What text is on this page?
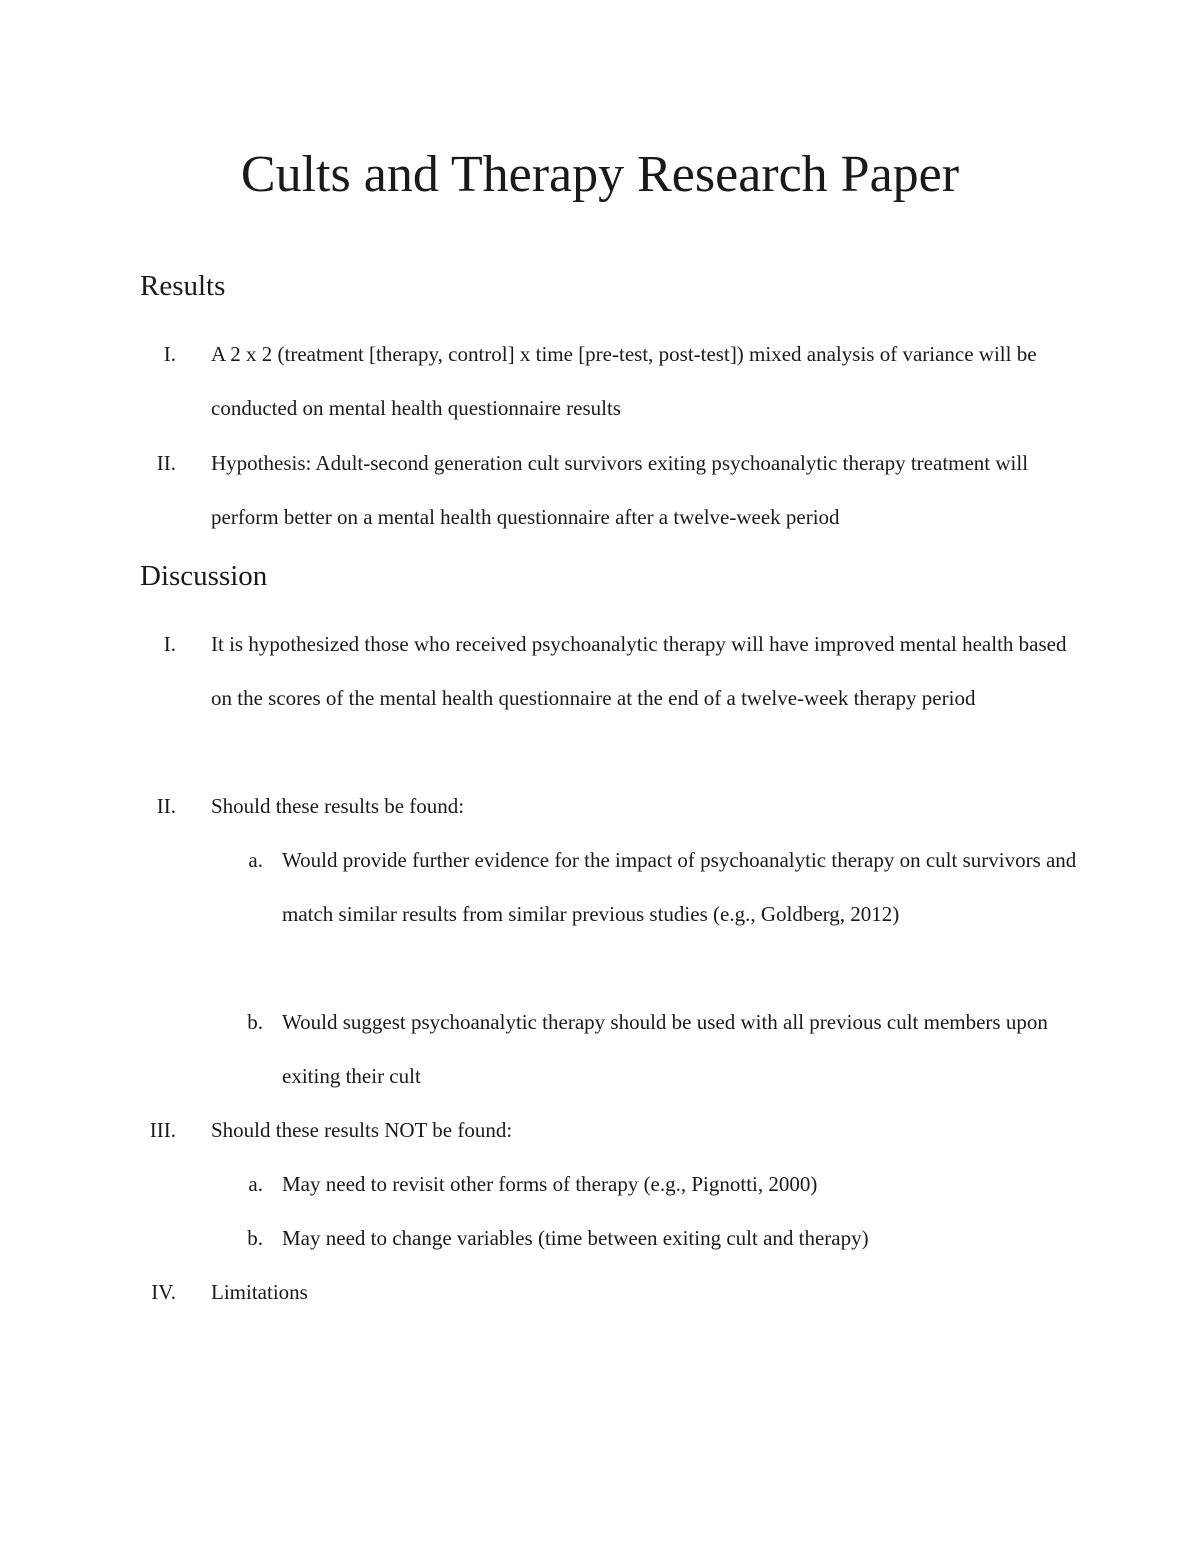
Cults and Therapy Research Paper
Results
I. A 2 x 2 (treatment [therapy, control] x time [pre-test, post-test]) mixed analysis of variance will be conducted on mental health questionnaire results
II. Hypothesis: Adult-second generation cult survivors exiting psychoanalytic therapy treatment will perform better on a mental health questionnaire after a twelve-week period
Discussion
I. It is hypothesized those who received psychoanalytic therapy will have improved mental health based on the scores of the mental health questionnaire at the end of a twelve-week therapy period
II. Should these results be found:
a. Would provide further evidence for the impact of psychoanalytic therapy on cult survivors and match similar results from similar previous studies (e.g., Goldberg, 2012)
b. Would suggest psychoanalytic therapy should be used with all previous cult members upon exiting their cult
III. Should these results NOT be found:
a. May need to revisit other forms of therapy (e.g., Pignotti, 2000)
b. May need to change variables (time between exiting cult and therapy)
IV. Limitations
